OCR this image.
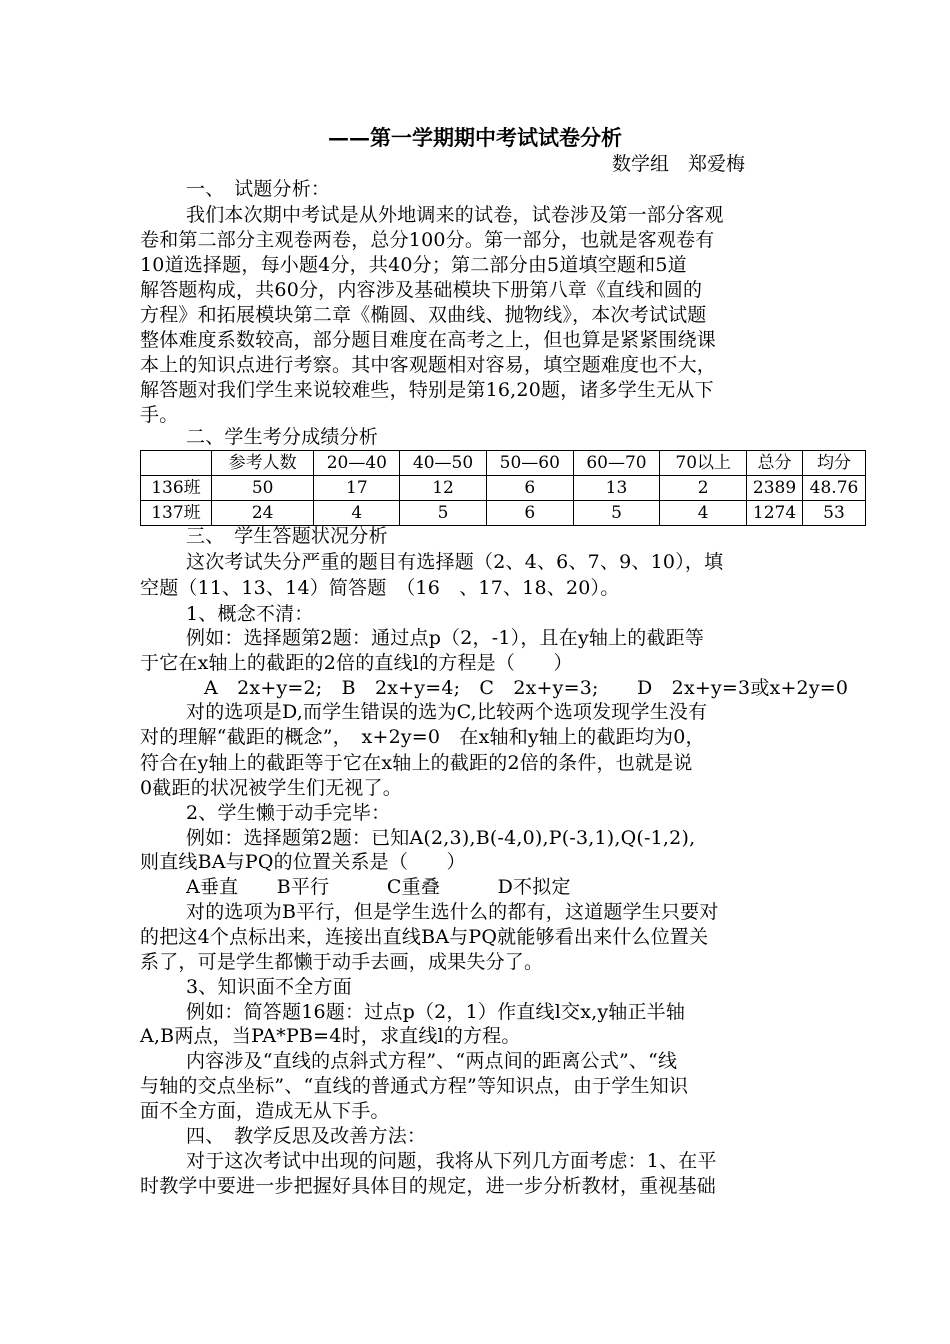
——第一学期期中考试试卷分析
数学组　郑爱梅
一、　试题分析：
我们本次期中考试是从外地调来的试卷，试卷涉及第一部分客观
卷和第二部分主观卷两卷，总分100分。第一部分，也就是客观卷有
10道选择题，每小题4分，共40分；第二部分由5道填空题和5道
解答题构成，共60分，内容涉及基础模块下册第八章《直线和圆的
方程》和拓展模块第二章《椭圆、双曲线、抛物线》，本次考试试题
整体难度系数较高，部分题目难度在高考之上，但也算是紧紧围绕课
本上的知识点进行考察。其中客观题相对容易，填空题难度也不大，
解答题对我们学生来说较难些，特别是第16,20题，诸多学生无从下
手。
二、学生考分成绩分析
	参考人数	20—40	40—50	50—60	60—70	70以上	总分	均分
136班	50	17	12	6	13	2	2389	48.76
137班	24	4	5	6	5	4	1274	53
三、　学生答题状况分析
这次考试失分严重的题目有选择题（2、4、6、7、9、10），填
空题（11、13、14）简答题　（16　、17、18、20）。
1、概念不清：
例如：选择题第2题：通过点p（2，-1），且在y轴上的截距等
于它在x轴上的截距的2倍的直线l的方程是（　　）
A　2x+y=2;　B　2x+y=4;　C　2x+y=3;　　D　2x+y=3或x+2y=0
对的选项是D,而学生错误的选为C,比较两个选项发现学生没有
对的理解“截距的概念”，　x+2y=0　在x轴和y轴上的截距均为0，
符合在y轴上的截距等于它在x轴上的截距的2倍的条件，也就是说
0截距的状况被学生们无视了。
2、学生懒于动手完毕：
例如：选择题第2题：已知A(2,3),B(-4,0),P(-3,1),Q(-1,2),
则直线BA与PQ的位置关系是（　　）
A垂直　　B平行　　　C重叠　　　D不拟定
对的选项为B平行，但是学生选什么的都有，这道题学生只要对
的把这4个点标出来，连接出直线BA与PQ就能够看出来什么位置关
系了，可是学生都懒于动手去画，成果失分了。
3、知识面不全方面
例如：简答题16题：过点p（2，1）作直线l交x,y轴正半轴
A,B两点，当PA*PB=4时，求直线l的方程。
内容涉及“直线的点斜式方程”、“两点间的距离公式”、“线
与轴的交点坐标”、“直线的普通式方程”等知识点，由于学生知识
面不全方面，造成无从下手。
四、　教学反思及改善方法：
对于这次考试中出现的问题，我将从下列几方面考虑：1、在平
时教学中要进一步把握好具体目的规定，进一步分析教材，重视基础
